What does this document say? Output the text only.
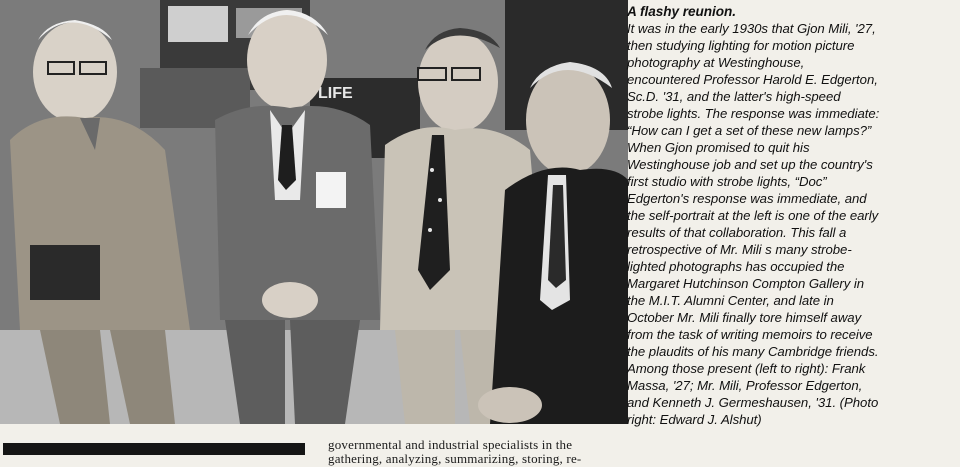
LIFE

A flashy reunion.

It was in the early 1930s that Gjon Mili, '27,

then studying lighting for motion picture

photography at Westinghouse,

encountered Professor Harold E. Edgerton,

Sc.D. '31, and the latter's high-speed

strobe lights. The response was immediate:

“How can I get a set of these new lamps?”

When Gjon promised to quit his

Westinghouse job and set up the country's

first studio with strobe lights, “Doc”

Edgerton's response was immediate, and

the self-portrait at the left is one of the early

results of that collaboration. This fall a

retrospective of Mr. Mili s many strobe-

lighted photographs has occupied the

Margaret Hutchinson Compton Gallery in

the M.I.T. Alumni Center, and late in

October Mr. Mili finally tore himself away

from the task of writing memoirs to receive

the plaudits of his many Cambridge friends.

Among those present (left to right): Frank

Massa, '27; Mr. Mili, Professor Edgerton,

and Kenneth J. Germeshausen, '31. (Photo

right: Edward J. Alshut)

governmental and industrial specialists in the

gathering, analyzing, summarizing, storing, re-
